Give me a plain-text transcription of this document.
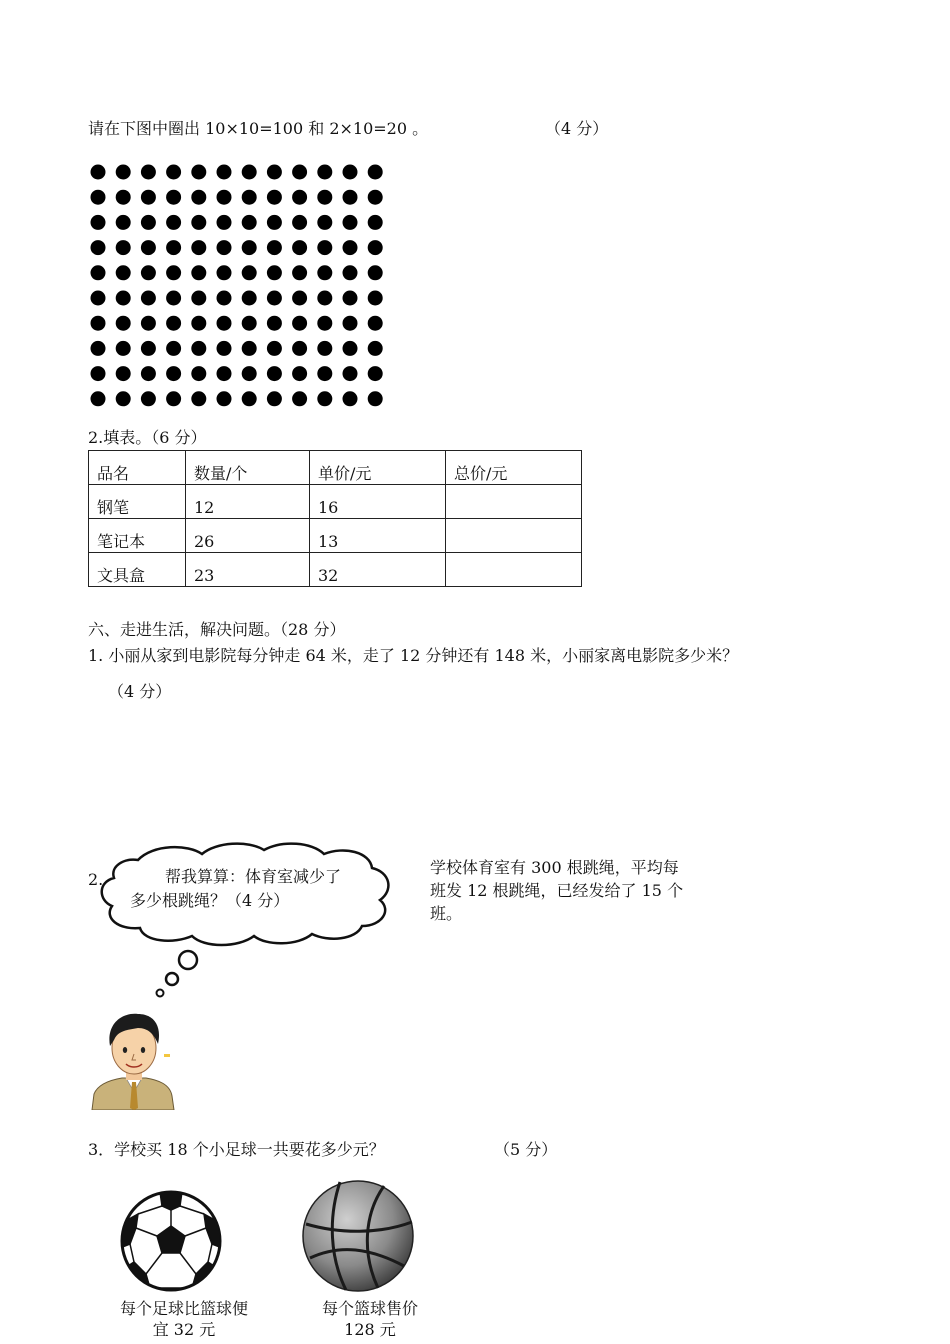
请在下图中圈出 10×10=100 和 2×10=20 。	（4 分）
2.填表。（6 分）
品名	数量/个	单价/元	总价/元

钢笔	12	16	

笔记本	26	13	

文具盒	23	32	

六、走进生活，解决问题。（28 分）
1. 小丽从家到电影院每分钟走 64 米，走了 12 分钟还有 148 米，小丽家离电影院多少米？
（4 分）
2.	帮我算算：体育室减少了
多少根跳绳？（4 分）
学校体育室有 300 根跳绳，平均每班发 12 根跳绳，已经发给了 15 个班。
3．学校买 18 个小足球一共要花多少元？	（5 分）
每个足球比篮球便宜 32 元
每个篮球售价 128 元
